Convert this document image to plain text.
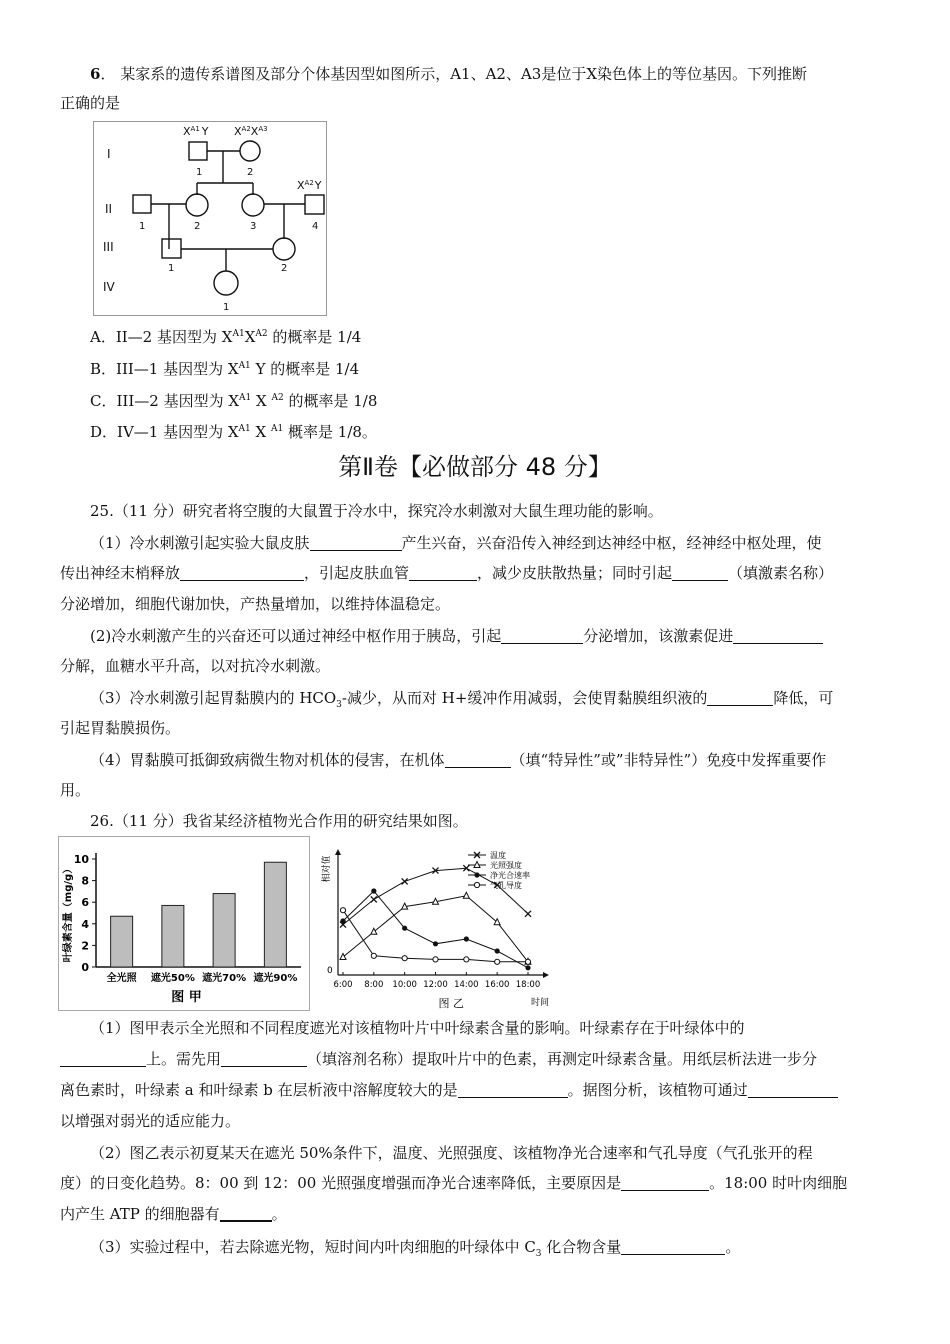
6． 某家系的遗传系谱图及部分个体基因型如图所示，A1、A2、A3是位于X染色体上的等位基因。下列推断
正确的是
I
II
III
IV
$X^{A1}$ Y $X^{A2}X^{A3}$
$X^{A2}Y$
1	2
1	2	3	4
1	2
1
A．II—2 基因型为 $X^{A1}X^{A2}$ 的概率是 1/4
B．III—1 基因型为 $X^{A1}$ Y 的概率是 1/4
C．III—2 基因型为 $X^{A1}$ X $^{A2}$ 的概率是 1/8
D．IV—1 基因型为 $X^{A1}$ X $^{A1}$ 概率是 1/8。
第Ⅱ卷【必做部分 48 分】
25.（11 分）研究者将空腹的大鼠置于冷水中，探究冷水刺激对大鼠生理功能的影响。
（1）冷水刺激引起实验大鼠皮肤	产生兴奋，兴奋沿传入神经到达神经中枢，经神经中枢处理，使
传出神经末梢释放	，引起皮肤血管	，减少皮肤散热量；同时引起	（填激素名称）
分泌增加，细胞代谢加快，产热量增加，以维持体温稳定。
(2)冷水刺激产生的兴奋还可以通过神经中枢作用于胰岛，引起	分泌增加，该激素促进
分解，血糖水平升高，以对抗冷水刺激。
（3）冷水刺激引起胃黏膜内的 $HCO_3-$减少，从而对 H+缓冲作用减弱，会使胃黏膜组织液的	降低，可
引起胃黏膜损伤。
（4）胃黏膜可抵御致病微生物对机体的侵害，在机体	（填“特异性”或”非特异性”）免疫中发挥重要作
用。
26.（11 分）我省某经济植物光合作用的研究结果如图。
0
2
4
6
8
10
叶绿素含量（mg/g）
全光照 遮光50% 遮光70% 遮光90%
图 甲
0
相对值
6:00 8:00 10:00 12:00 14:00 16:00 18:00
时间
图 乙
温度
光照强度
净光合速率
气孔导度
（1）图甲表示全光照和不同程度遮光对该植物叶片中叶绿素含量的影响。叶绿素存在于叶绿体中的
上。需先用	（填溶剂名称）提取叶片中的色素，再测定叶绿素含量。用纸层析法进一步分
离色素时，叶绿素 a 和叶绿素 b 在层析液中溶解度较大的是	。据图分析，该植物可通过
以增强对弱光的适应能力。
（2）图乙表示初夏某天在遮光 50%条件下，温度、光照强度、该植物净光合速率和气孔导度（气孔张开的程
度）的日变化趋势。8：00 到 12：00 光照强度增强而净光合速率降低，主要原因是	。18:00 时叶肉细胞
内产生 ATP 的细胞器有	。
（3）实验过程中，若去除遮光物，短时间内叶肉细胞的叶绿体中 $C_3$ 化合物含量	。
